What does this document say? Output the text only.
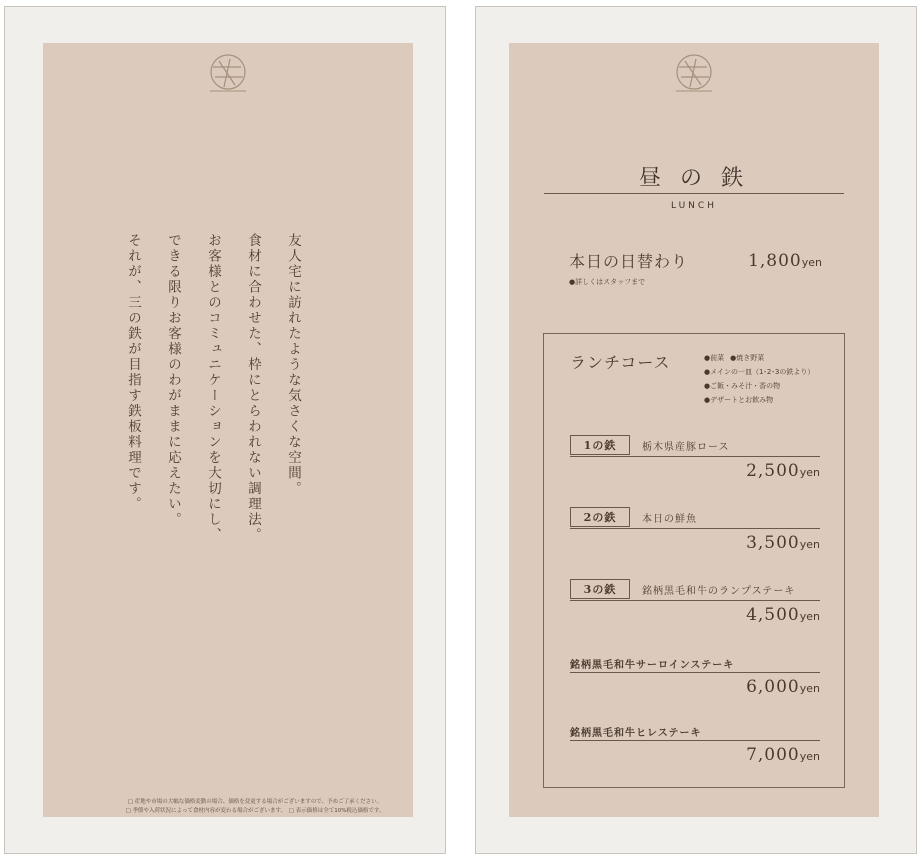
友人宅に訪れたような気さくな空間。
食材に合わせた、枠にとらわれない調理法。
お客様とのコミュニケーションを大切にし、
できる限りお客様のわがままに応えたい。
それが、三の鉄が目指す鉄板料理です。
□ 産地や市場の大幅な価格変動の場合、価格を変更する場合がございますので、予めご了承ください。
□ 季節や入荷状況によって食材内容が変わる場合がございます。　□ 表示価格は全て10%税込価格です。
昼 の 鉄
LUNCH
本日の日替わり	1,800yen
●詳しくはスタッフまで
ランチコース	●前菜 ●焼き野菜
●メインの一皿（1･2･3の鉄より）
●ご飯・みそ汁・香の物
●デザートとお飲み物
1の鉄	栃木県産豚ロース
2,500yen
2の鉄	本日の鮮魚
3,500yen
3の鉄	銘柄黒毛和牛のランプステーキ
4,500yen
銘柄黒毛和牛サーロインステーキ
6,000yen
銘柄黒毛和牛ヒレステーキ
7,000yen
